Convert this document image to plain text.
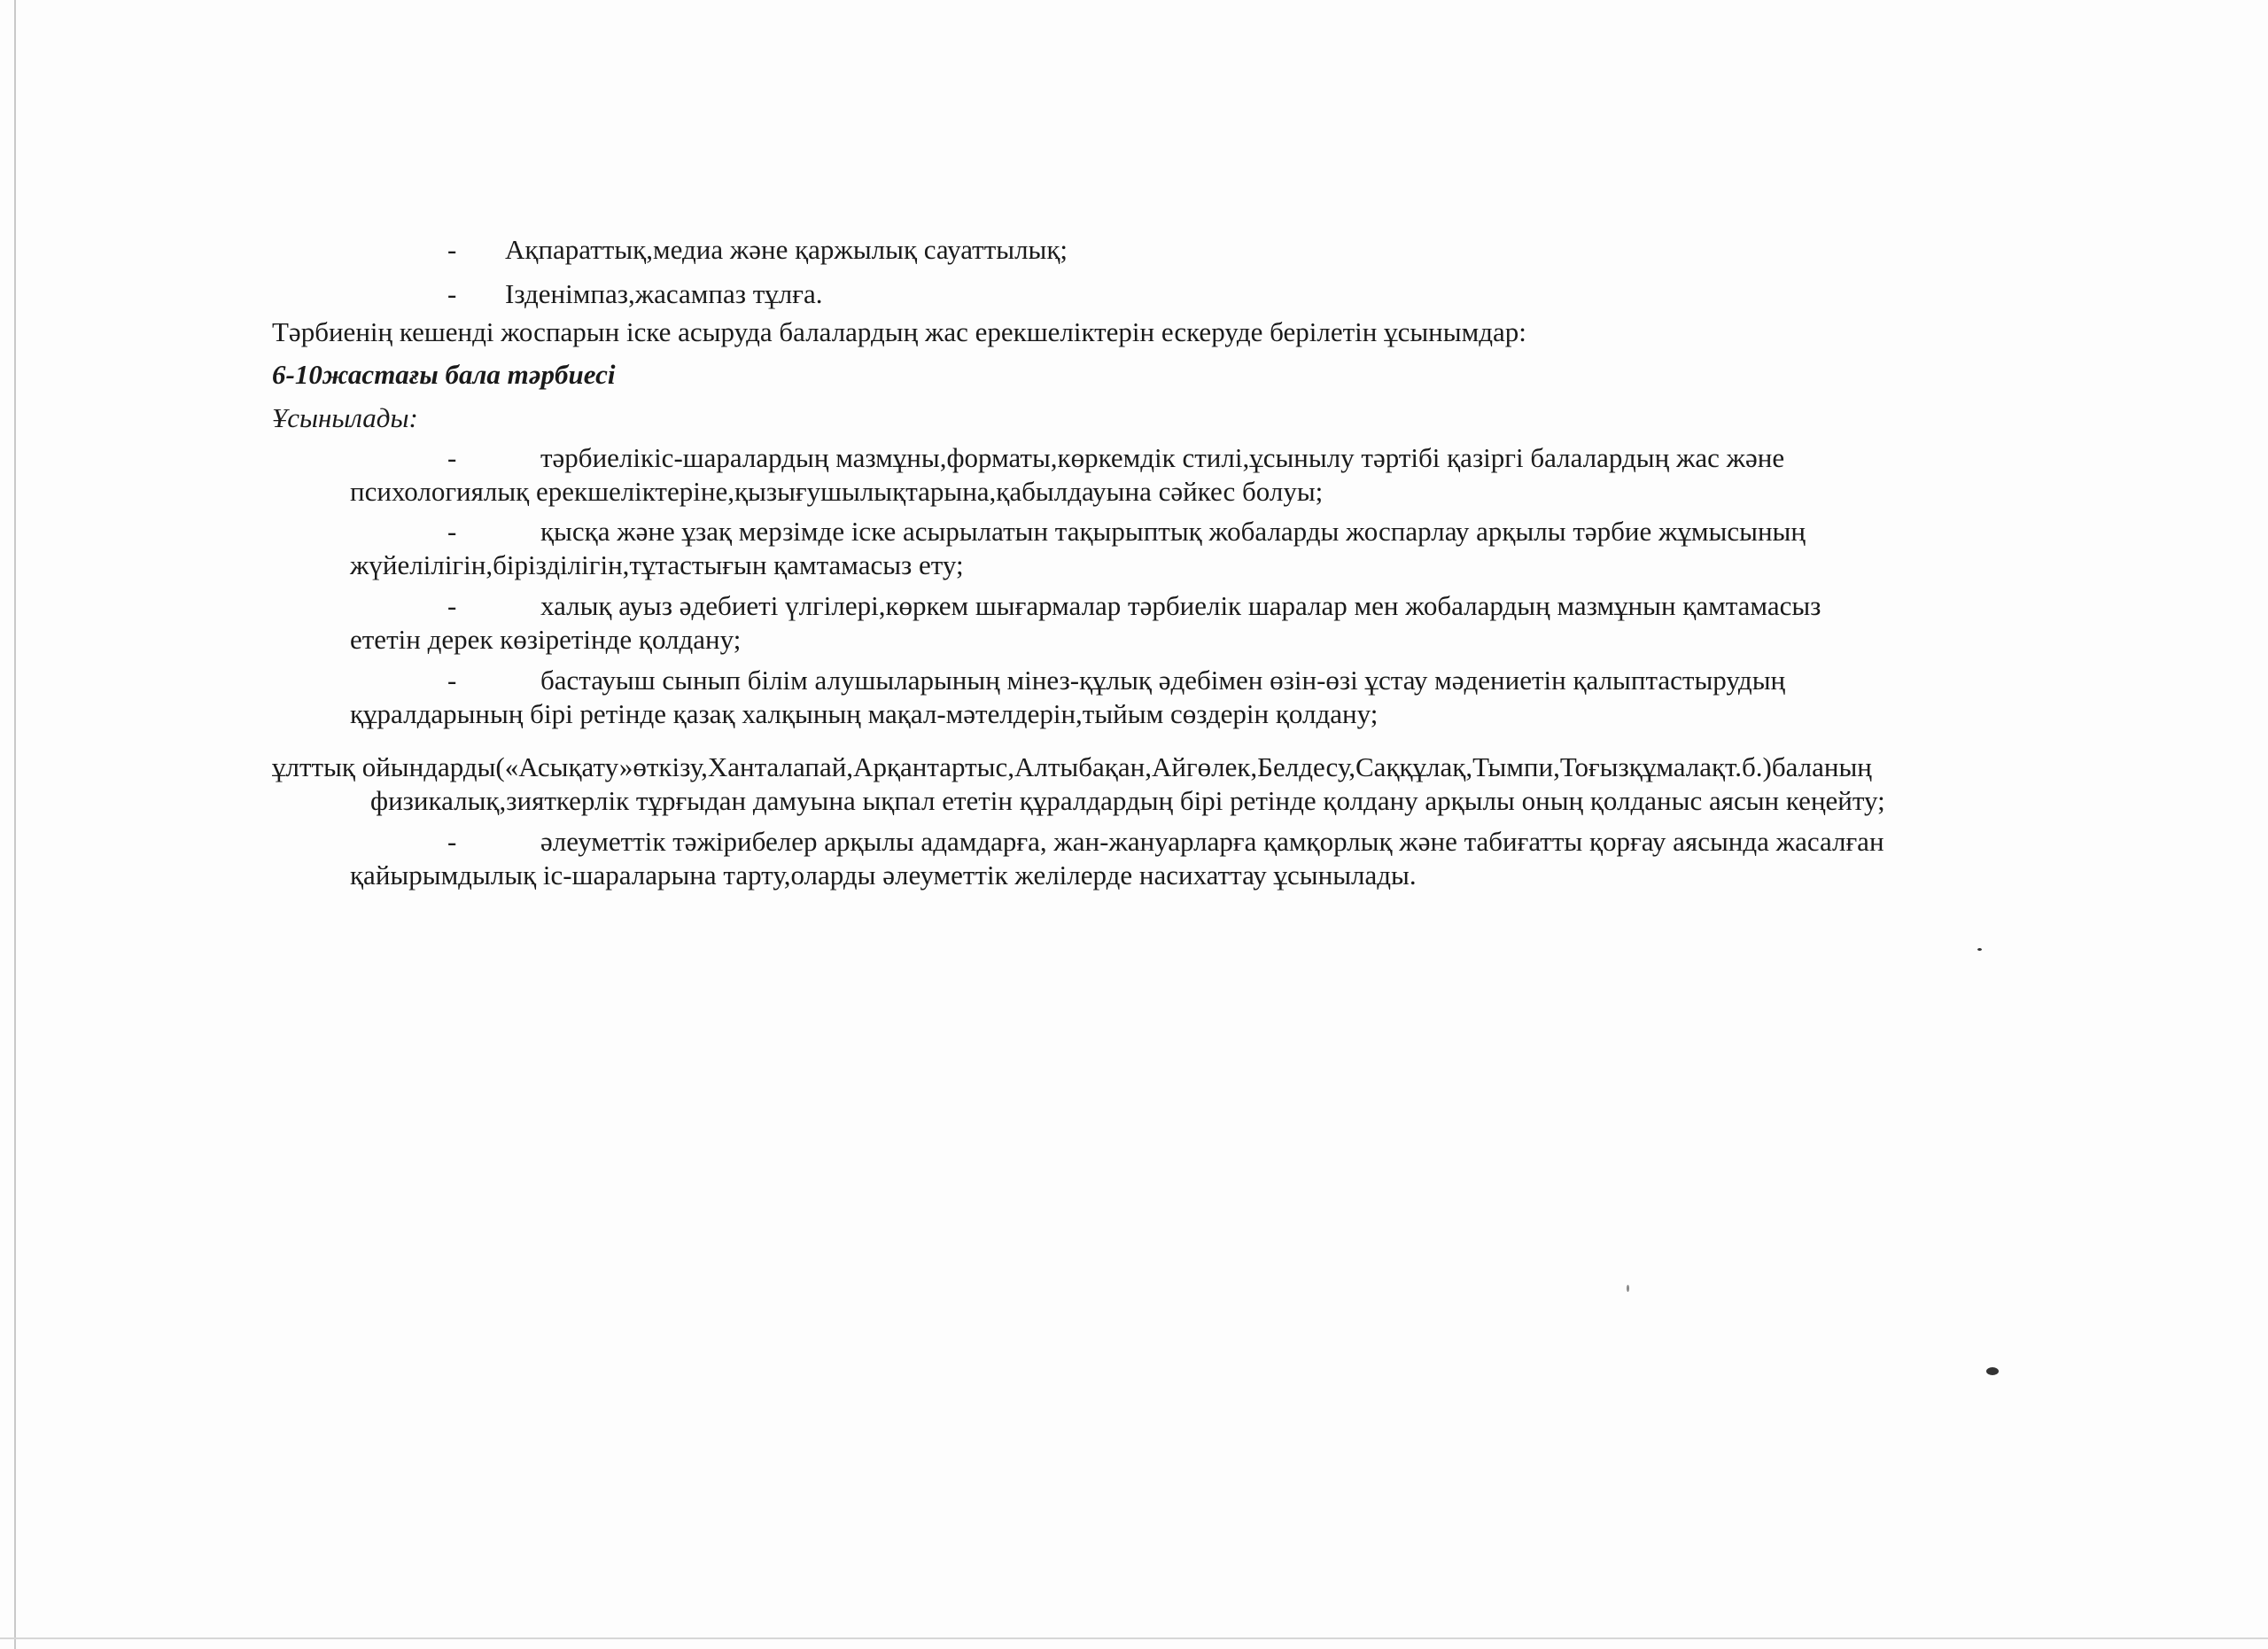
- Ақпараттық,медиа және қаржылық сауаттылық;
- Ізденімпаз,жасампаз тұлға.
Тәрбиенің кешенді жоспарын іске асыруда балалардың жас ерекшеліктерін ескеруде берілетін ұсынымдар:
6-10жастағы бала тәрбиесі
Ұсынылады:
-	тәрбиелікіс-шаралардың мазмұны,форматы,көркемдік стилі,ұсынылу тәртібі қазіргі балалардың жас және
психологиялық ерекшеліктеріне,қызығушылықтарына,қабылдауына сәйкес болуы;
-	қысқа және ұзақ мерзімде іске асырылатын тақырыптық жобаларды жоспарлау арқылы тәрбие жұмысының
жүйелілігін,біріздiлігін,тұтастығын қамтамасыз ету;
-	халық ауыз әдебиеті үлгілері,көркем шығармалар тәрбиелік шаралар мен жобалардың мазмұнын қамтамасыз
ететін дерек көзіретінде қолдану;
-	бастауыш сынып білім алушыларының мінез-құлық әдебімен өзін-өзі ұстау мәдениетін қалыптастырудың
құралдарының бірі ретінде қазақ халқының мақал-мәтелдерін,тыйым сөздерін қолдану;
ұлттық ойындарды(«Асықату»өткізу,Ханталапай,Арқантартыс,Алтыбақан,Айгөлек,Белдесу,Саққұлақ,Тымпи,Тоғызқұмалақт.б.)баланың
физикалық,зияткерлік тұрғыдан дамуына ықпал ететін құралдардың бірі ретінде қолдану арқылы оның қолданыс аясын кеңейту;
-	әлеуметтік тәжірибелер арқылы адамдарға, жан-жануарларға қамқорлық және табиғатты қорғау аясында жасалған
қайырымдылық іс-шараларына тарту,оларды әлеуметтік желілерде насихаттау ұсынылады.
